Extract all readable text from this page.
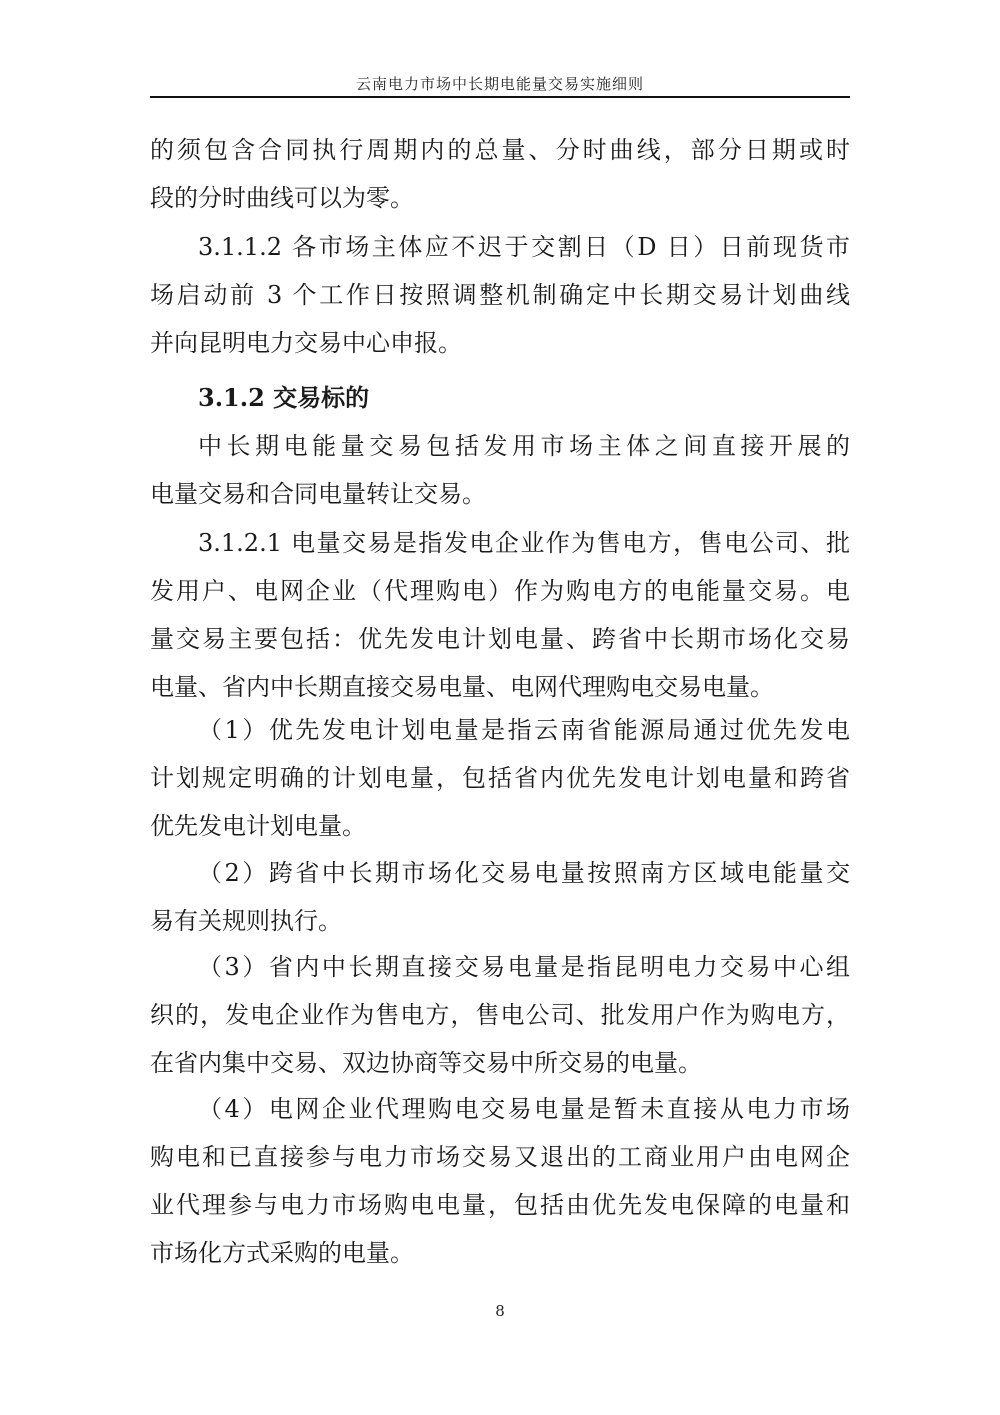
云南电力市场中长期电能量交易实施细则
的须包含合同执行周期内的总量、分时曲线，部分日期或时
段的分时曲线可以为零。
3.1.1.2 各市场主体应不迟于交割日（D 日）日前现货市
场启动前 3 个工作日按照调整机制确定中长期交易计划曲线
并向昆明电力交易中心申报。
3.1.2 交易标的
中长期电能量交易包括发用市场主体之间直接开展的
电量交易和合同电量转让交易。
3.1.2.1 电量交易是指发电企业作为售电方，售电公司、批
发用户、电网企业（代理购电）作为购电方的电能量交易。电
量交易主要包括：优先发电计划电量、跨省中长期市场化交易
电量、省内中长期直接交易电量、电网代理购电交易电量。
（1）优先发电计划电量是指云南省能源局通过优先发电
计划规定明确的计划电量，包括省内优先发电计划电量和跨省
优先发电计划电量。
（2）跨省中长期市场化交易电量按照南方区域电能量交
易有关规则执行。
（3）省内中长期直接交易电量是指昆明电力交易中心组
织的，发电企业作为售电方，售电公司、批发用户作为购电方，
在省内集中交易、双边协商等交易中所交易的电量。
（4）电网企业代理购电交易电量是暂未直接从电力市场
购电和已直接参与电力市场交易又退出的工商业用户由电网企
业代理参与电力市场购电电量，包括由优先发电保障的电量和
市场化方式采购的电量。
8
